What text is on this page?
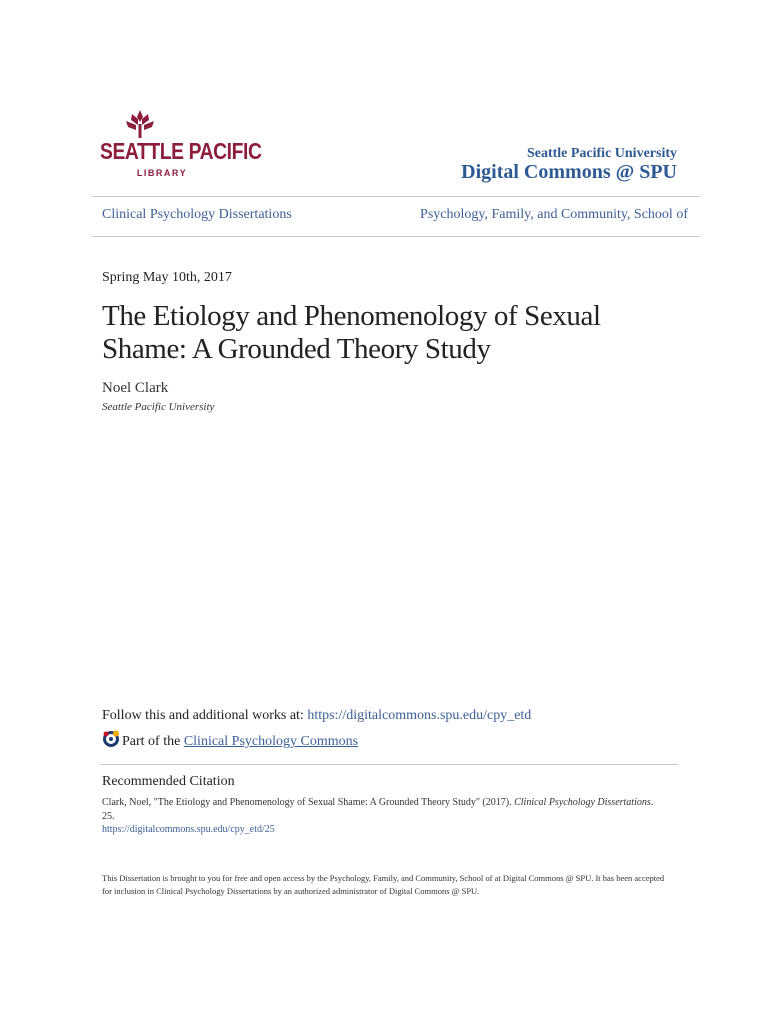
SEATTLE PACIFIC
LIBRARY
Seattle Pacific University
Digital Commons @ SPU
Clinical Psychology Dissertations	Psychology, Family, and Community, School of
Spring May 10th, 2017
The Etiology and Phenomenology of Sexual Shame: A Grounded Theory Study
Noel Clark
Seattle Pacific University
Follow this and additional works at: https://digitalcommons.spu.edu/cpy_etd
Part of the Clinical Psychology Commons
Recommended Citation
Clark, Noel, "The Etiology and Phenomenology of Sexual Shame: A Grounded Theory Study" (2017). Clinical Psychology Dissertations. 25.
https://digitalcommons.spu.edu/cpy_etd/25
This Dissertation is brought to you for free and open access by the Psychology, Family, and Community, School of at Digital Commons @ SPU. It has been accepted for inclusion in Clinical Psychology Dissertations by an authorized administrator of Digital Commons @ SPU.
